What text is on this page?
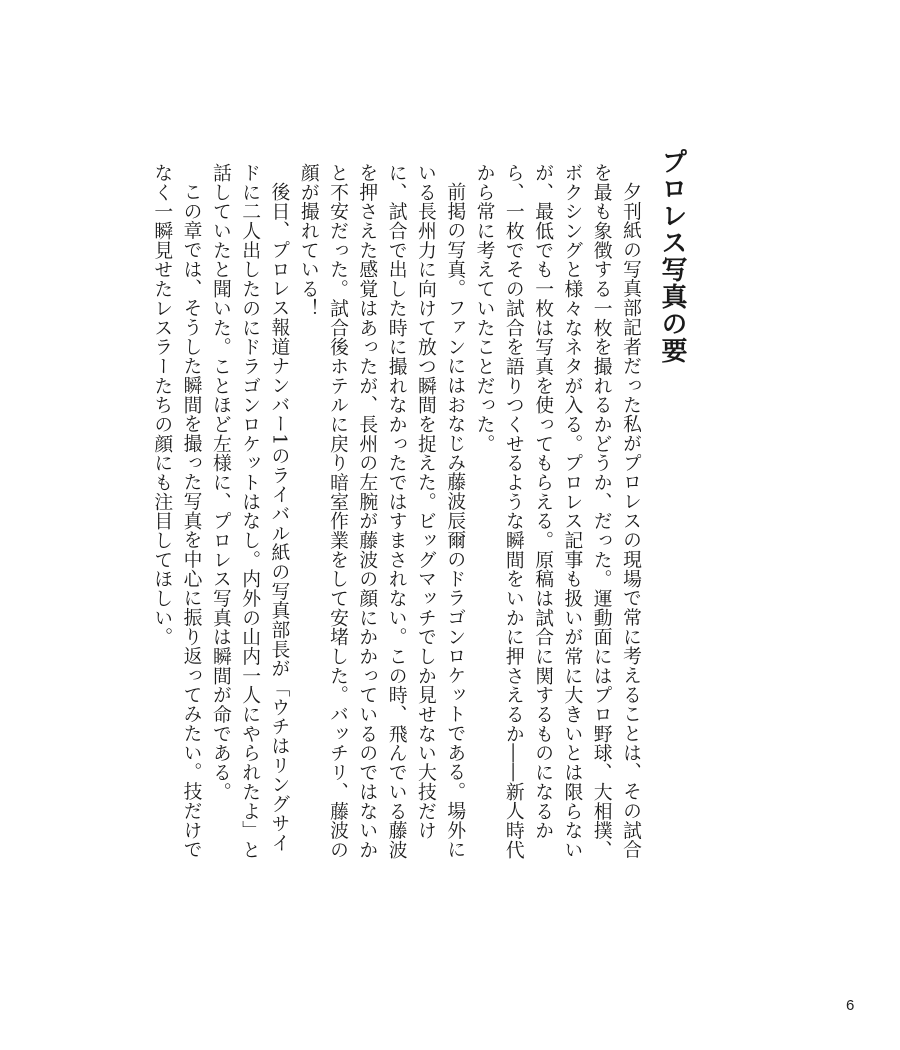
プロレス写真の要

夕刊紙の写真部記者だった私がプロレスの現場で常に考えることは、その試合を最も象徴する一枚を撮れるかどうか、だった。運動面にはプロ野球、大相撲、ボクシングと様々なネタが入る。プロレス記事も扱いが常に大きいとは限らないが、最低でも一枚は写真を使ってもらえる。原稿は試合に関するものになるから、一枚でその試合を語りつくせるような瞬間をいかに押さえるか――新人時代から常に考えていたことだった。

前掲の写真。ファンにはおなじみ藤波辰爾のドラゴンロケットである。場外にいる長州力に向けて放つ瞬間を捉えた。ビッグマッチでしか見せない大技だけに、試合で出した時に撮れなかったではすまされない。この時、飛んでいる藤波を押さえた感覚はあったが、長州の左腕が藤波の顔にかかっているのではないかと不安だった。試合後ホテルに戻り暗室作業をして安堵した。バッチリ、藤波の顔が撮れている！

後日、プロレス報道ナンバー1のライバル紙の写真部長が「ウチはリングサイドに二人出したのにドラゴンロケットはなし。内外の山内一人にやられたよ」と話していたと聞いた。ことほど左様に、プロレス写真は瞬間が命である。

この章では、そうした瞬間を撮った写真を中心に振り返ってみたい。技だけでなく一瞬見せたレスラーたちの顔にも注目してほしい。

6
